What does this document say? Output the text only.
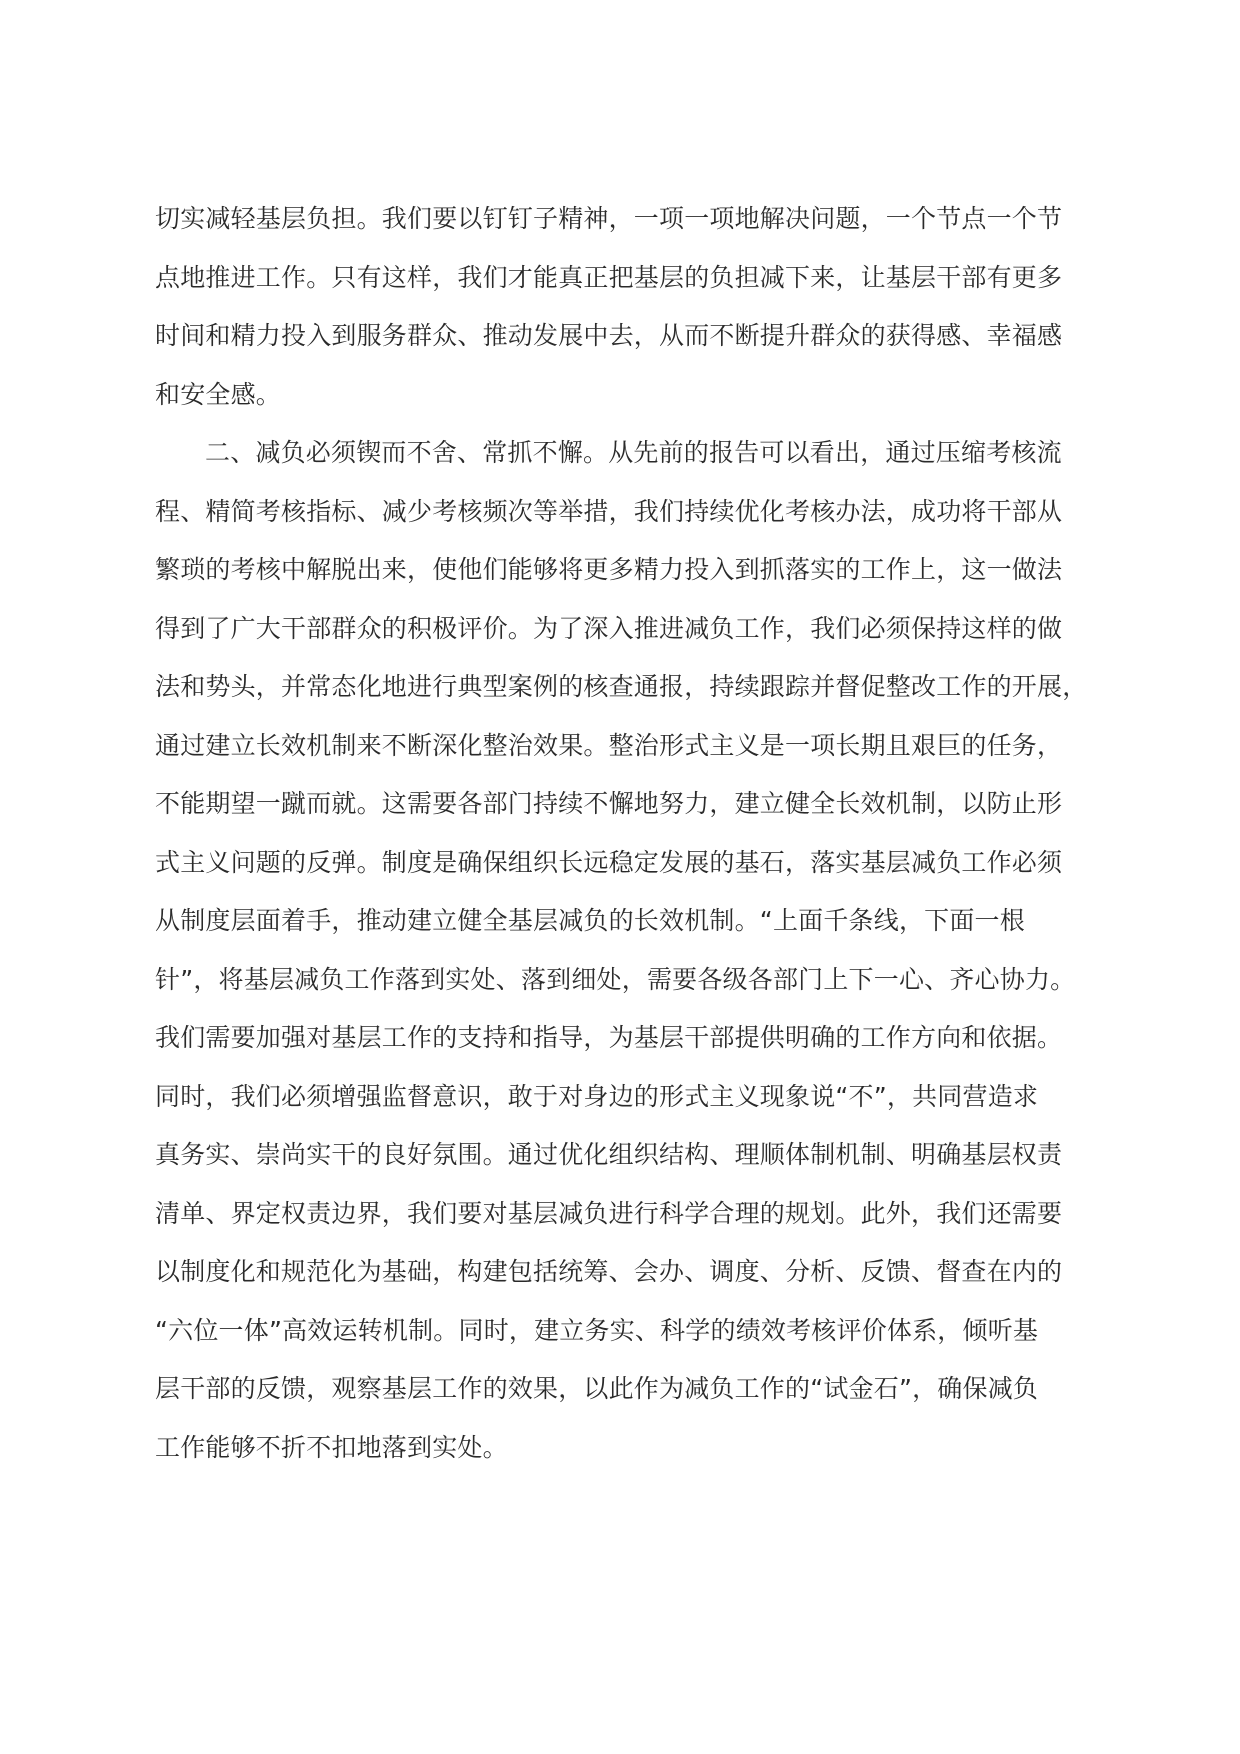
切实减轻基层负担。我们要以钉钉子精神，一项一项地解决问题，一个节点一个节
点地推进工作。只有这样，我们才能真正把基层的负担减下来，让基层干部有更多
时间和精力投入到服务群众、推动发展中去，从而不断提升群众的获得感、幸福感
和安全感。
二、减负必须锲而不舍、常抓不懈。从先前的报告可以看出，通过压缩考核流
程、精简考核指标、减少考核频次等举措，我们持续优化考核办法，成功将干部从
繁琐的考核中解脱出来，使他们能够将更多精力投入到抓落实的工作上，这一做法
得到了广大干部群众的积极评价。为了深入推进减负工作，我们必须保持这样的做
法和势头，并常态化地进行典型案例的核查通报，持续跟踪并督促整改工作的开展，
通过建立长效机制来不断深化整治效果。整治形式主义是一项长期且艰巨的任务，
不能期望一蹴而就。这需要各部门持续不懈地努力，建立健全长效机制，以防止形
式主义问题的反弹。制度是确保组织长远稳定发展的基石，落实基层减负工作必须
从制度层面着手，推动建立健全基层减负的长效机制。“上面千条线，下面一根
针”，将基层减负工作落到实处、落到细处，需要各级各部门上下一心、齐心协力。
我们需要加强对基层工作的支持和指导，为基层干部提供明确的工作方向和依据。
同时，我们必须增强监督意识，敢于对身边的形式主义现象说“不”，共同营造求
真务实、崇尚实干的良好氛围。通过优化组织结构、理顺体制机制、明确基层权责
清单、界定权责边界，我们要对基层减负进行科学合理的规划。此外，我们还需要
以制度化和规范化为基础，构建包括统筹、会办、调度、分析、反馈、督查在内的
“六位一体”高效运转机制。同时，建立务实、科学的绩效考核评价体系，倾听基
层干部的反馈，观察基层工作的效果，以此作为减负工作的“试金石”，确保减负
工作能够不折不扣地落到实处。
